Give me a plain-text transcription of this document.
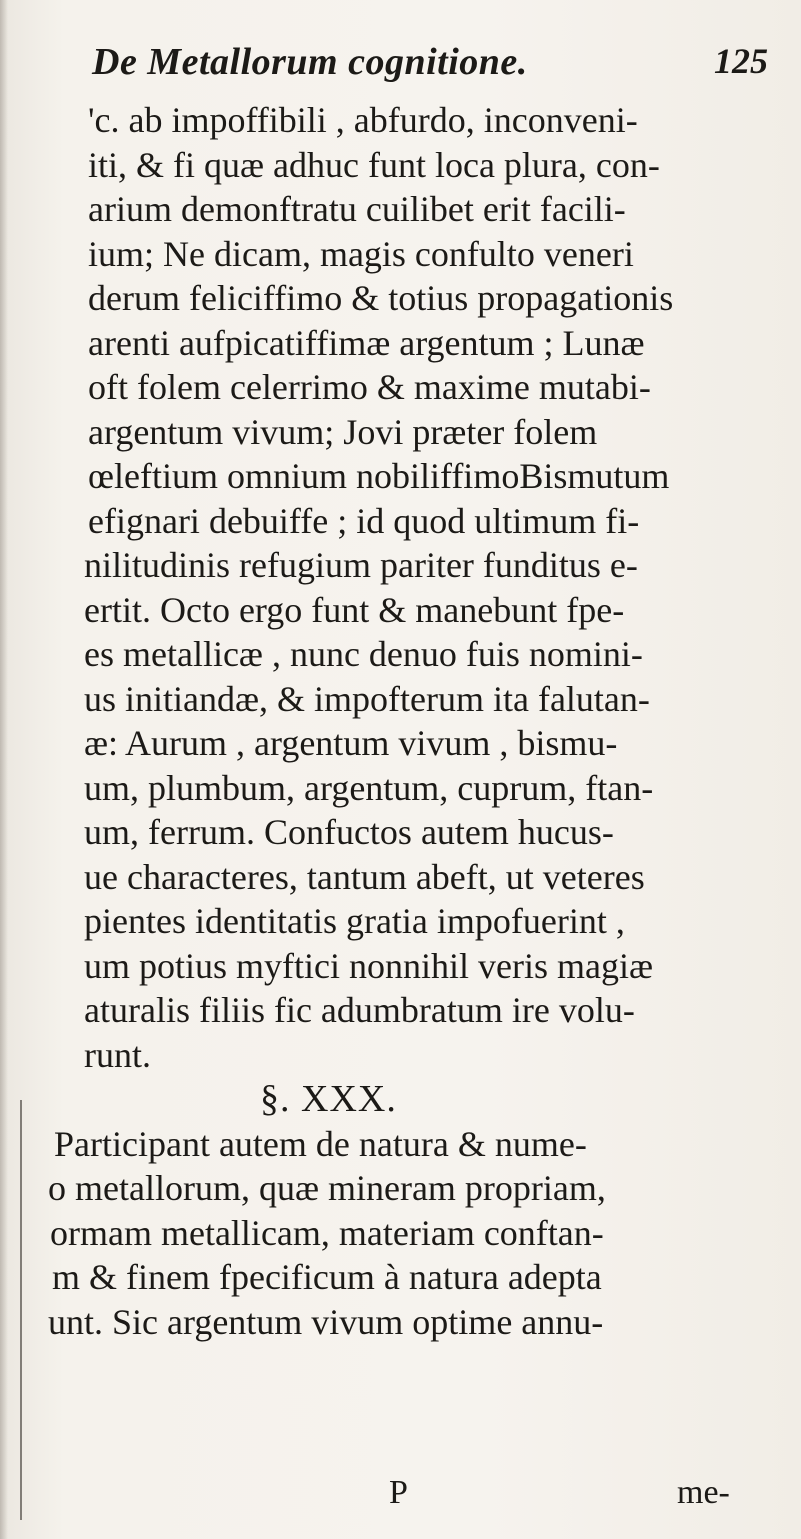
De Metallorum cognitione.	125
'c. ab impoffibili , abfurdo, inconveni-
iti, & fi quæ adhuc funt loca plura, con-
arium demonftratu cuilibet erit facili-
ium; Ne dicam, magis confulto veneri
derum feliciffimo & totius propagationis
arenti aufpicatiffimæ argentum ; Lunæ
oft folem celerrimo & maxime mutabi-
argentum vivum; Jovi præter folem
œleftium omnium nobiliffimoBismutum
efignari debuiffe ; id quod ultimum fi-
nilitudinis refugium pariter funditus e-
ertit. Octo ergo funt & manebunt fpe-
es metallicæ , nunc denuo fuis nomini-
us initiandæ, & impofterum ita falutan-
æ: Aurum , argentum vivum , bismu-
um, plumbum, argentum, cuprum, ftan-
um, ferrum. Confuctos autem hucus-
ue characteres, tantum abeft, ut veteres
pientes identitatis gratia impofuerint ,
um potius myftici nonnihil veris magiæ
aturalis filiis fic adumbratum ire volu-
runt.
§. XXX.
Participant autem de natura & nume-
o metallorum, quæ mineram propriam,
ormam metallicam, materiam conftan-
m & finem fpecificum à natura adepta
unt. Sic argentum vivum optime annu-
P	me-
